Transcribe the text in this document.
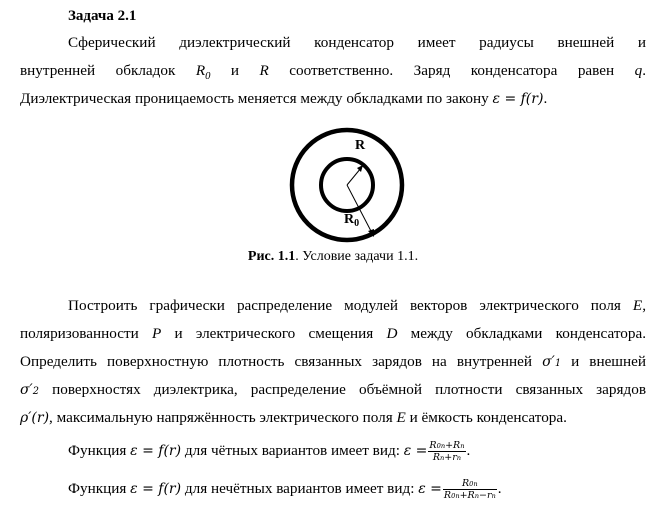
Задача 2.1
Сферический диэлектрический конденсатор имеет радиусы внешней и
внутренней обкладок $R_0$ и R соответственно. Заряд конденсатора равен q.
Диэлектрическая проницаемость меняется между обкладками по закону ε = f(r).
R
$R_0$
Рис. 1.1. Условие задачи 1.1.
Построить графически распределение модулей векторов электрического поля E,
поляризованности P и электрического смещения D между обкладками конденсатора.
Определить поверхностную плотность связанных зарядов на внутренней $\sigma'_1$ и внешней
$\sigma'_2$ поверхностях диэлектрика, распределение объёмной плотности связанных зарядов
ρ′(r), максимальную напряжённость электрического поля E и ёмкость конденсатора.
Функция ε = f(r) для чётных вариантов имеет вид: $\varepsilon = \frac{R_0^n+R^n}{R^n+r^n}$ .
Функция ε = f(r) для нечётных вариантов имеет вид: $\varepsilon = \frac{R_0^n}{R_0^n+R^n-r^n}$ .
